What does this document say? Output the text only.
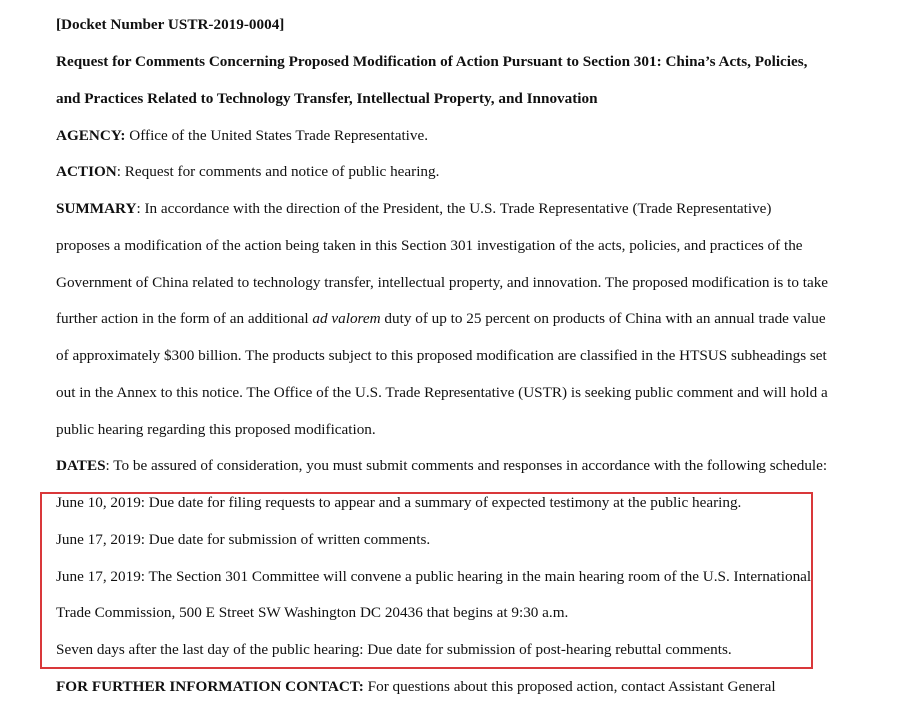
[Docket Number USTR-2019-0004]
Request for Comments Concerning Proposed Modification of Action Pursuant to Section 301: China’s Acts, Policies,
and Practices Related to Technology Transfer, Intellectual Property, and Innovation
AGENCY: Office of the United States Trade Representative.
ACTION: Request for comments and notice of public hearing.
SUMMARY: In accordance with the direction of the President, the U.S. Trade Representative (Trade Representative)
proposes a modification of the action being taken in this Section 301 investigation of the acts, policies, and practices of the
Government of China related to technology transfer, intellectual property, and innovation. The proposed modification is to take
further action in the form of an additional ad valorem duty of up to 25 percent on products of China with an annual trade value
of approximately $300 billion. The products subject to this proposed modification are classified in the HTSUS subheadings set
out in the Annex to this notice. The Office of the U.S. Trade Representative (USTR) is seeking public comment and will hold a
public hearing regarding this proposed modification.
DATES: To be assured of consideration, you must submit comments and responses in accordance with the following schedule:
June 10, 2019: Due date for filing requests to appear and a summary of expected testimony at the public hearing.
June 17, 2019: Due date for submission of written comments.
June 17, 2019: The Section 301 Committee will convene a public hearing in the main hearing room of the U.S. International
Trade Commission, 500 E Street SW Washington DC 20436 that begins at 9:30 a.m.
Seven days after the last day of the public hearing: Due date for submission of post-hearing rebuttal comments.
FOR FURTHER INFORMATION CONTACT: For questions about this proposed action, contact Assistant General
